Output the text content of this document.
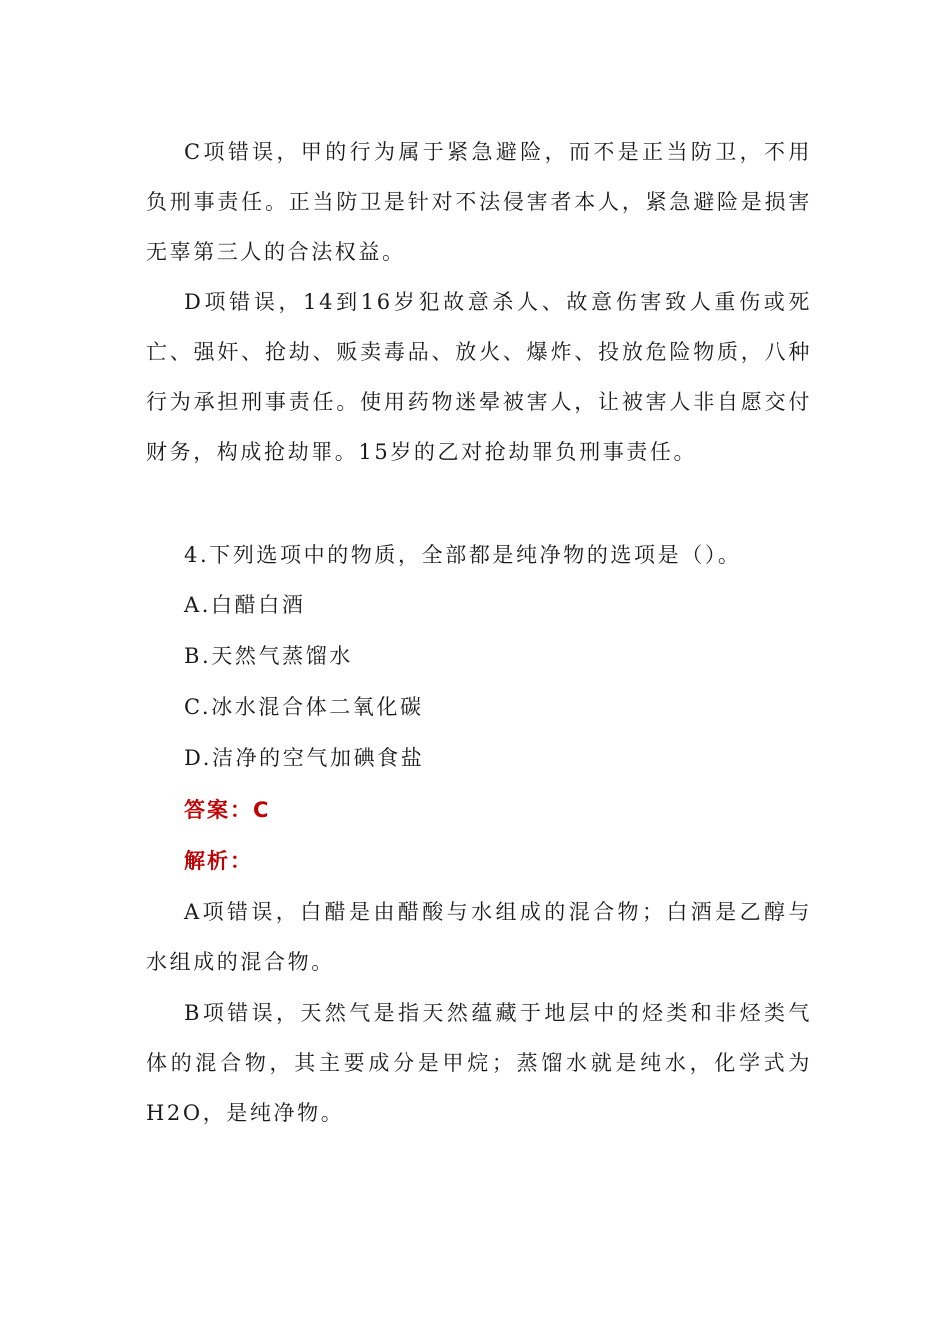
C项错误，甲的行为属于紧急避险，而不是正当防卫，不用负刑事责任。正当防卫是针对不法侵害者本人，紧急避险是损害无辜第三人的合法权益。

D项错误，14到16岁犯故意杀人、故意伤害致人重伤或死亡、强奸、抢劫、贩卖毒品、放火、爆炸、投放危险物质，八种行为承担刑事责任。使用药物迷晕被害人，让被害人非自愿交付财务，构成抢劫罪。15岁的乙对抢劫罪负刑事责任。

4.下列选项中的物质，全部都是纯净物的选项是（）。

A.白醋白酒

B.天然气蒸馏水

C.冰水混合体二氧化碳

D.洁净的空气加碘食盐

答案：C

解析：

A项错误，白醋是由醋酸与水组成的混合物；白酒是乙醇与水组成的混合物。

B项错误，天然气是指天然蕴藏于地层中的烃类和非烃类气体的混合物，其主要成分是甲烷；蒸馏水就是纯水，化学式为H2O，是纯净物。
